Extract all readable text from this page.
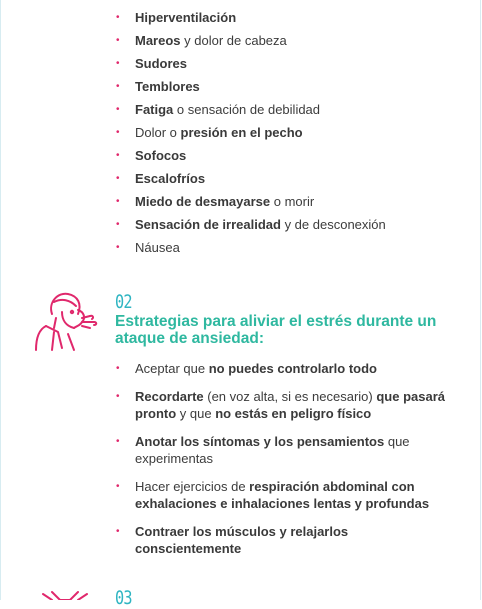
• Hiperventilación
• Mareos y dolor de cabeza
• Sudores
• Temblores
• Fatiga o sensación de debilidad
• Dolor o presión en el pecho
• Sofocos
• Escalofríos
• Miedo de desmayarse o morir
• Sensación de irrealidad y de desconexión
• Náusea
02
Estrategias para aliviar el estrés durante un ataque de ansiedad:
• Aceptar que no puedes controlarlo todo
• Recordarte (en voz alta, si es necesario) que pasará pronto y que no estás en peligro físico
• Anotar los síntomas y los pensamientos que experimentas
• Hacer ejercicios de respiración abdominal con exhalaciones e inhalaciones lentas y profundas
• Contraer los músculos y relajarlos conscientemente
03
